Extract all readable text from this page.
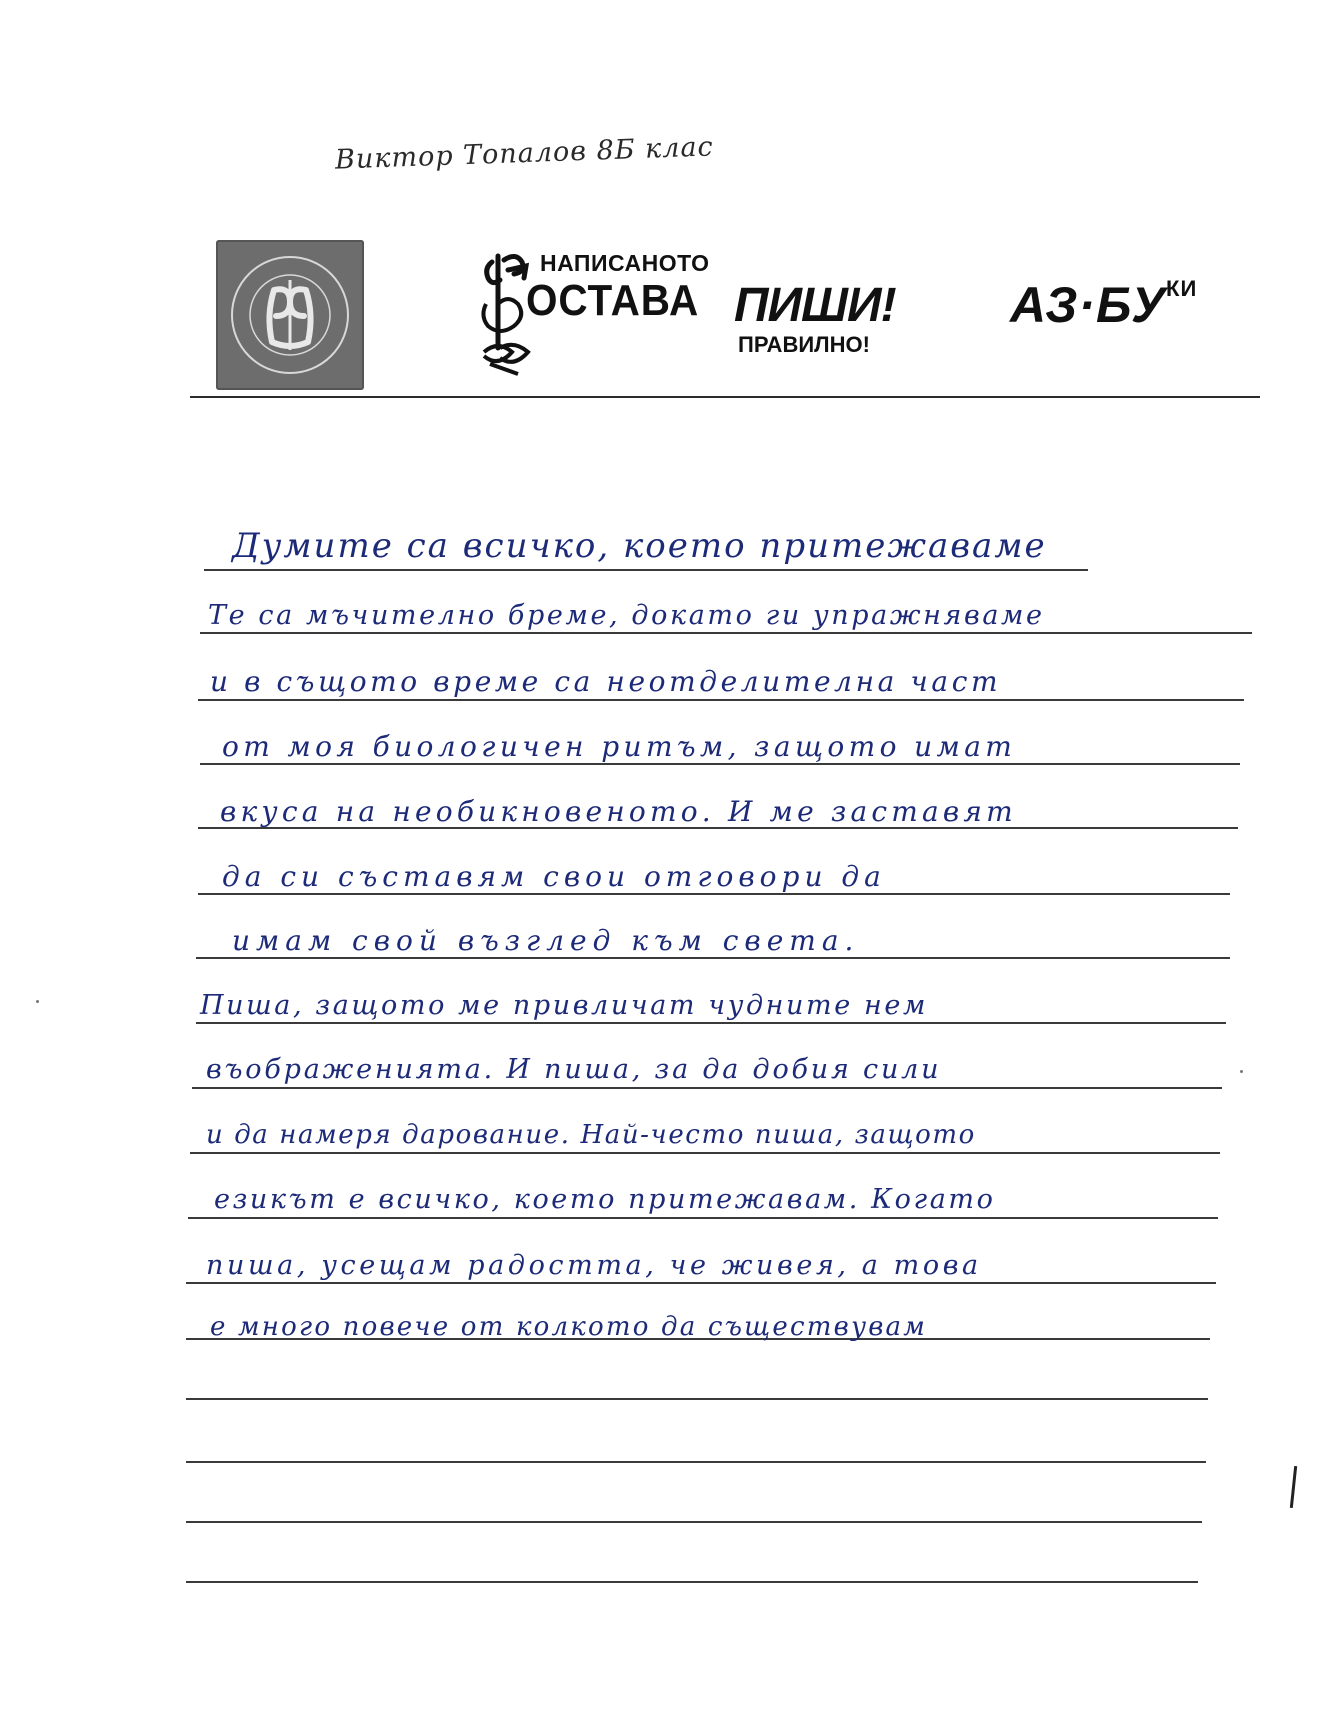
Виктор Топалов 8Б клас
НАПИСАНОТО
ОСТАВА ПИШИ!
ПРАВИЛНО!
$АЗ\cdot БУ^{КИ}$
Думите са всичко, което притежаваме
Те са мъчително бреме, докато ги упражняваме
и в същото време са неотделителна част
от моя биологичен ритъм, защото имат
вкуса на необикновеното. И ме заставят
да си съставям свои отговори да
имам свой възглед към света.
Пиша, защото ме привличат чудните нем
въображенията. И пиша, за да добия сили
и да намеря дарование. Най-често пиша, защото
езикът е всичко, което притежавам. Когато
пиша, усещам радостта, че живея, а това
е много повече от колкото да съществувам
